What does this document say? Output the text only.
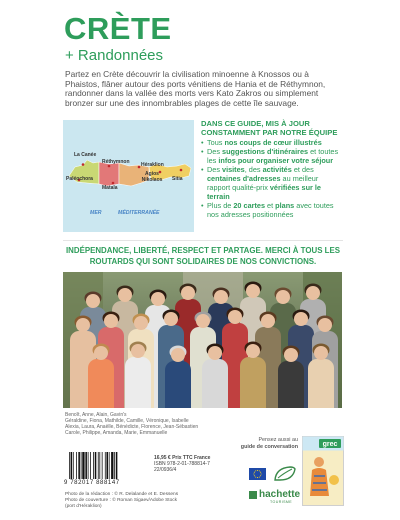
CRÈTE
+ Randonnées

Partez en Crète découvrir la civilisation minoenne à Knossos ou à Phaistos, flâner autour des ports vénitiens de Hania et de Réthymnon, randonner dans la vallée des morts vers Kato Zakros ou simplement bronzer sur une des innombrables plages de cette île sauvage.

La Canée
Réthymnon Héraklion
Paléochora
Agios Nikolaos	Sitia
Matala
MER	MÉDITERRANÉE
DANS CE GUIDE, MIS À JOUR CONSTAMMENT PAR NOTRE ÉQUIPE
• Tous nos coups de cœur illustrés
• Des suggestions d'itinéraires et toutes les infos pour organiser votre séjour
• Des visites, des activités et des centaines d'adresses au meilleur rapport qualité-prix vérifiées sur le terrain
• Plus de 20 cartes et plans avec toutes nos adresses positionnées
INDÉPENDANCE, LIBERTÉ, RESPECT ET PARTAGE. MERCI À TOUS LES ROUTARDS QUI SONT SOLIDAIRES DE NOS CONVICTIONS.
Benoît, Anne, Alain, Gavin's
Géraldine, Fiona, Mathilde, Camille, Véronique, Isabelle
Alexia, Laura, Anaëlle, Bénédicte, Florence, Jean-Sébastien
Carole, Philippe, Amanda, Marie, Emmanuelle
Pensez aussi au
guide de conversation	grec
9 782017 888147
16,95 € Prix TTC France
ISBN 978-2-01-788814-7
22/0936/4
Photo de la rédaction : © R. Delalande et E. Dessens
Photo de couverture : © Roman Sigaev/Adobe Stock
(port d'Héraklion)
hachette
TOURISME
